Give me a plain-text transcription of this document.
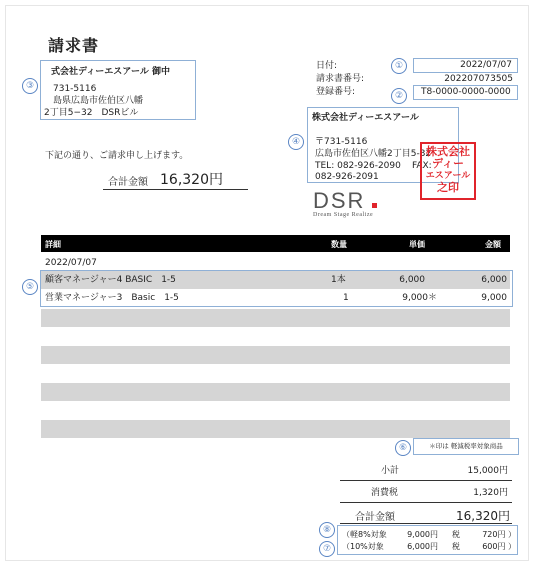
請求書
式会社ディーエスアール 御中
731-5116
島県広島市佐伯区八幡
2丁目5−32　DSRビル
③
日付:	①	2022/07/07
請求書番号:	202207073505
登録番号:	②	T8-0000-0000-0000
④
株式会社ディーエスアール
〒731-5116
広島市佐伯区八幡2丁目5-32
TEL: 082-926-2090 FAX:
082-926-2091
株式会社
ディー
エスアール
之印
DSR
Dream Stage Realize
下記の通り、ご請求申し上げます。
合計金額 16,320円
詳細	数量	単価	金額
2022/07/07
顧客マネージャー4 BASIC　1-5	1本	6,000	6,000
営業マネージャー3　Basic　1-5	1	9,000＊	9,000
⑤
⑥	＊印は 軽減税率対象商品
小計	15,000円
消費税	1,320円
合計金額	16,320円
⑧
⑦
（軽8%対象	9,000円 税	720円 ）
（10%対象	6,000円 税	600円 ）
